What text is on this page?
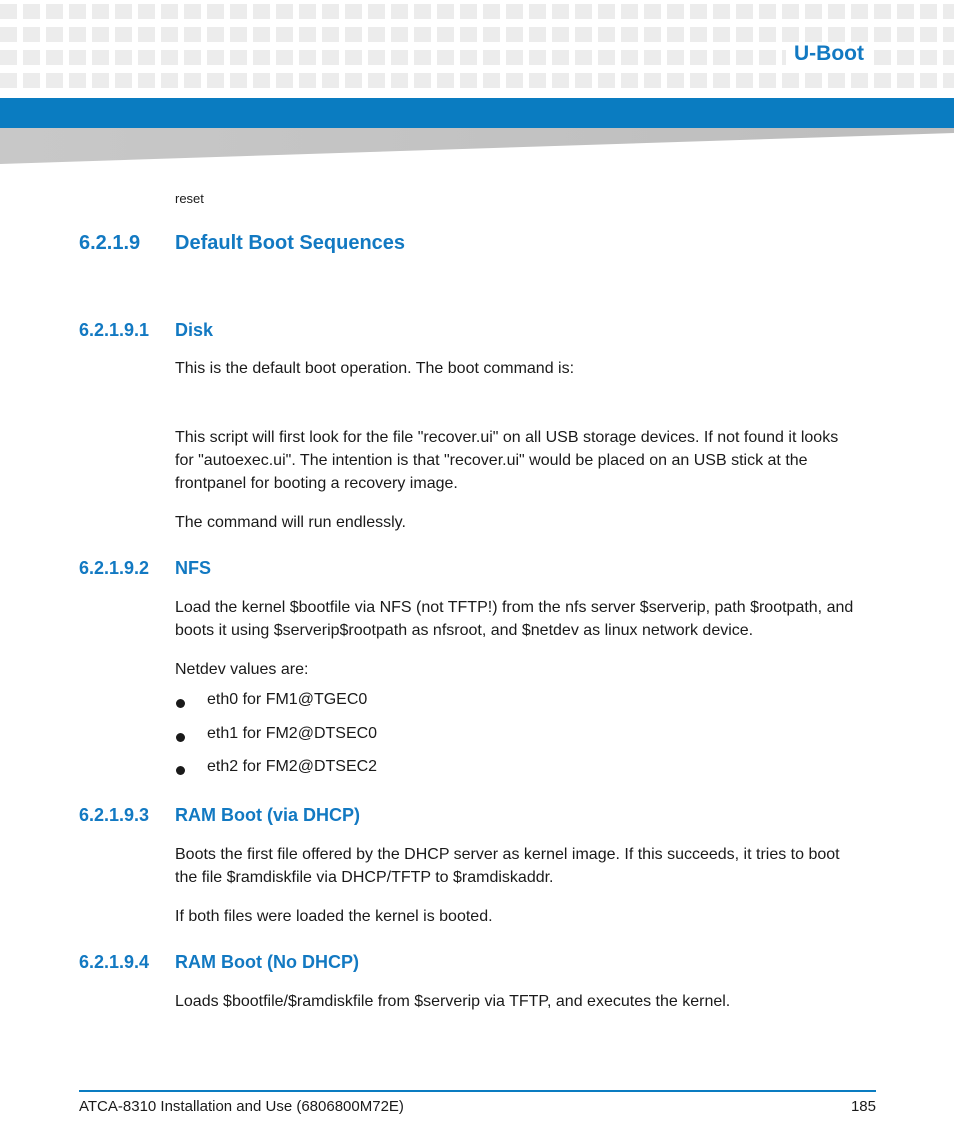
U-Boot
reset
6.2.1.9 Default Boot Sequences
6.2.1.9.1 Disk
This is the default boot operation. The boot command is:
This script will first look for the file "recover.ui" on all USB storage devices. If not found it looks
for "autoexec.ui". The intention is that "recover.ui" would be placed on an USB stick at the
frontpanel for booting a recovery image.
The command will run endlessly.
6.2.1.9.2 NFS
Load the kernel $bootfile via NFS (not TFTP!) from the nfs server $serverip, path $rootpath, and
boots it using $serverip$rootpath as nfsroot, and $netdev as linux network device.
Netdev values are:
eth0 for FM1@TGEC0
eth1 for FM2@DTSEC0
eth2 for FM2@DTSEC2
6.2.1.9.3 RAM Boot (via DHCP)
Boots the first file offered by the DHCP server as kernel image. If this succeeds, it tries to boot
the file $ramdiskfile via DHCP/TFTP to $ramdiskaddr.
If both files were loaded the kernel is booted.
6.2.1.9.4 RAM Boot (No DHCP)
Loads $bootfile/$ramdiskfile from $serverip via TFTP, and executes the kernel.
ATCA-8310 Installation and Use (6806800M72E)	185
